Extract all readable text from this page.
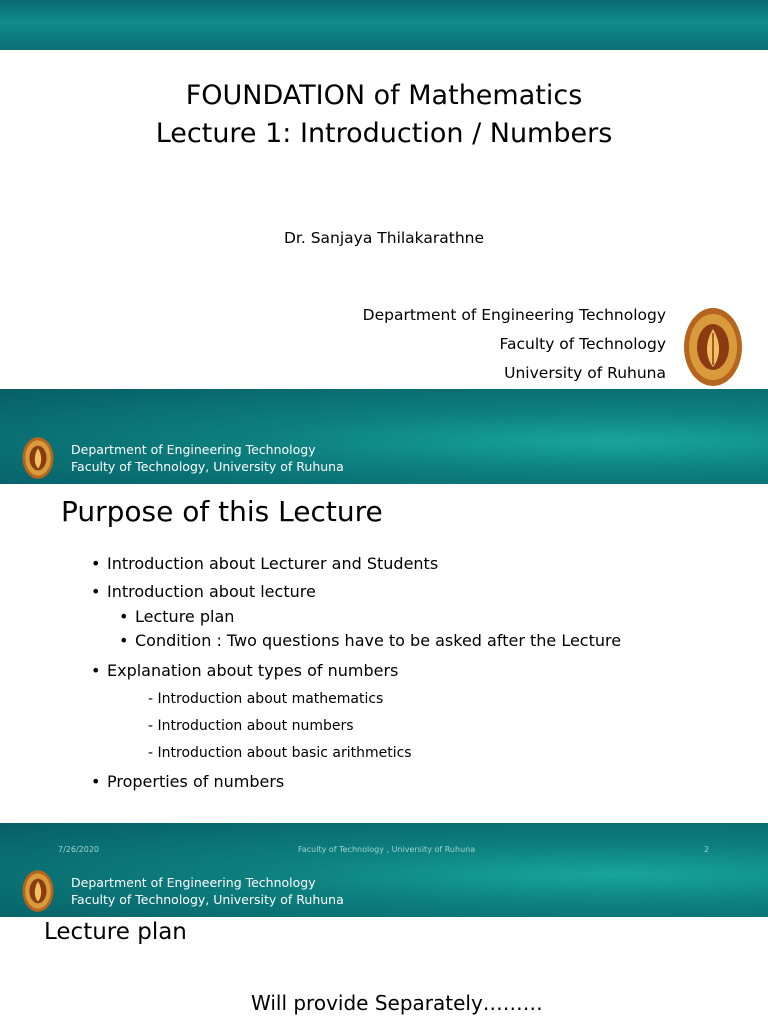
FOUNDATION of Mathematics
Lecture 1: Introduction / Numbers
Dr. Sanjaya Thilakarathne
Department of Engineering Technology
Faculty of Technology
University of Ruhuna
Department of Engineering Technology
Faculty of Technology, University of Ruhuna
Purpose of this Lecture
• Introduction about Lecturer and Students
• Introduction about lecture
• Lecture plan
• Condition : Two questions have to be asked after the Lecture
• Explanation about types of numbers
- Introduction about mathematics
- Introduction about numbers
- Introduction about basic arithmetics
• Properties of numbers
7/26/2020	Faculty of Technology , University of Ruhuna	2
Department of Engineering Technology
Faculty of Technology, University of Ruhuna
Lecture plan
Will provide Separately………
